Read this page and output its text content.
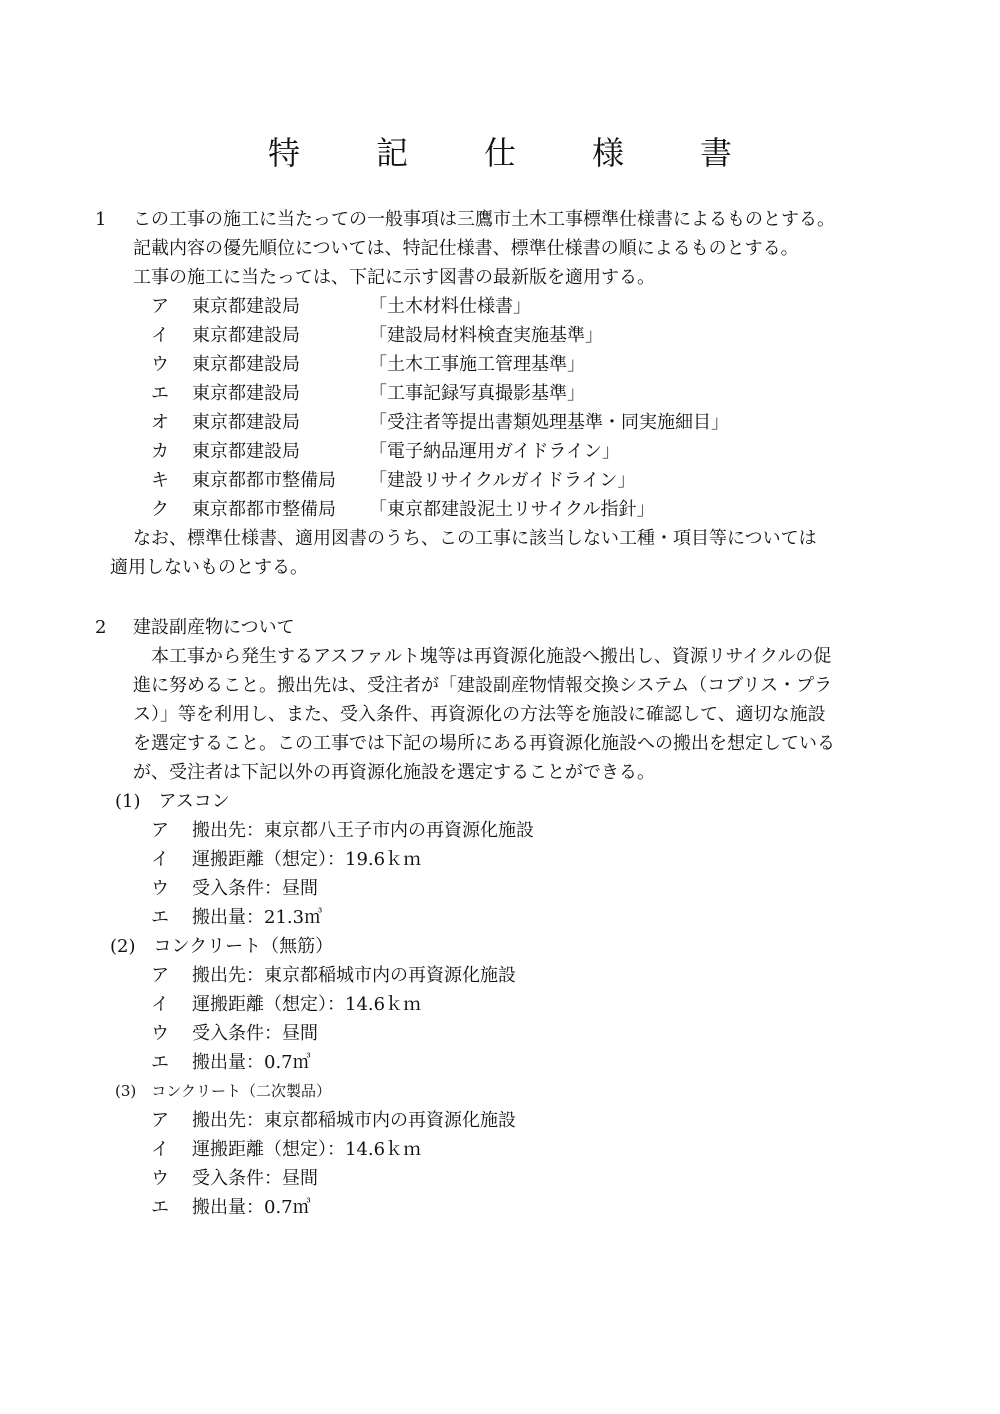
特　記　仕　様　書
1 この工事の施工に当たっての一般事項は三鷹市土木工事標準仕様書によるものとする。
記載内容の優先順位については、特記仕様書、標準仕様書の順によるものとする。
工事の施工に当たっては、下記に示す図書の最新版を適用する。
ア 東京都建設局	「土木材料仕様書」
イ 東京都建設局	「建設局材料検査実施基準」
ウ 東京都建設局	「土木工事施工管理基準」
エ 東京都建設局	「工事記録写真撮影基準」
オ 東京都建設局	「受注者等提出書類処理基準・同実施細目」
カ 東京都建設局	「電子納品運用ガイドライン」
キ 東京都都市整備局 「建設リサイクルガイドライン」
ク 東京都都市整備局 「東京都建設泥土リサイクル指針」
なお、標準仕様書、適用図書のうち、この工事に該当しない工種・項目等については
適用しないものとする。
2 建設副産物について
本工事から発生するアスファルト塊等は再資源化施設へ搬出し、資源リサイクルの促
進に努めること。搬出先は、受注者が「建設副産物情報交換システム（コブリス・プラ
ス）」等を利用し、また、受入条件、再資源化の方法等を施設に確認して、適切な施設
を選定すること。この工事では下記の場所にある再資源化施設への搬出を想定している
が、受注者は下記以外の再資源化施設を選定することができる。
(1)　アスコン
ア 搬出先：東京都八王子市内の再資源化施設
イ 運搬距離（想定）：19.6ｋｍ
ウ 受入条件：昼間
エ 搬出量：21.3㎥
(2)　コンクリート（無筋）
ア 搬出先：東京都稲城市内の再資源化施設
イ 運搬距離（想定）：14.6ｋｍ
ウ 受入条件：昼間
エ 搬出量：0.7㎥
(3)　コンクリート（二次製品）
ア 搬出先：東京都稲城市内の再資源化施設
イ 運搬距離（想定）：14.6ｋｍ
ウ 受入条件：昼間
エ 搬出量：0.7㎥
